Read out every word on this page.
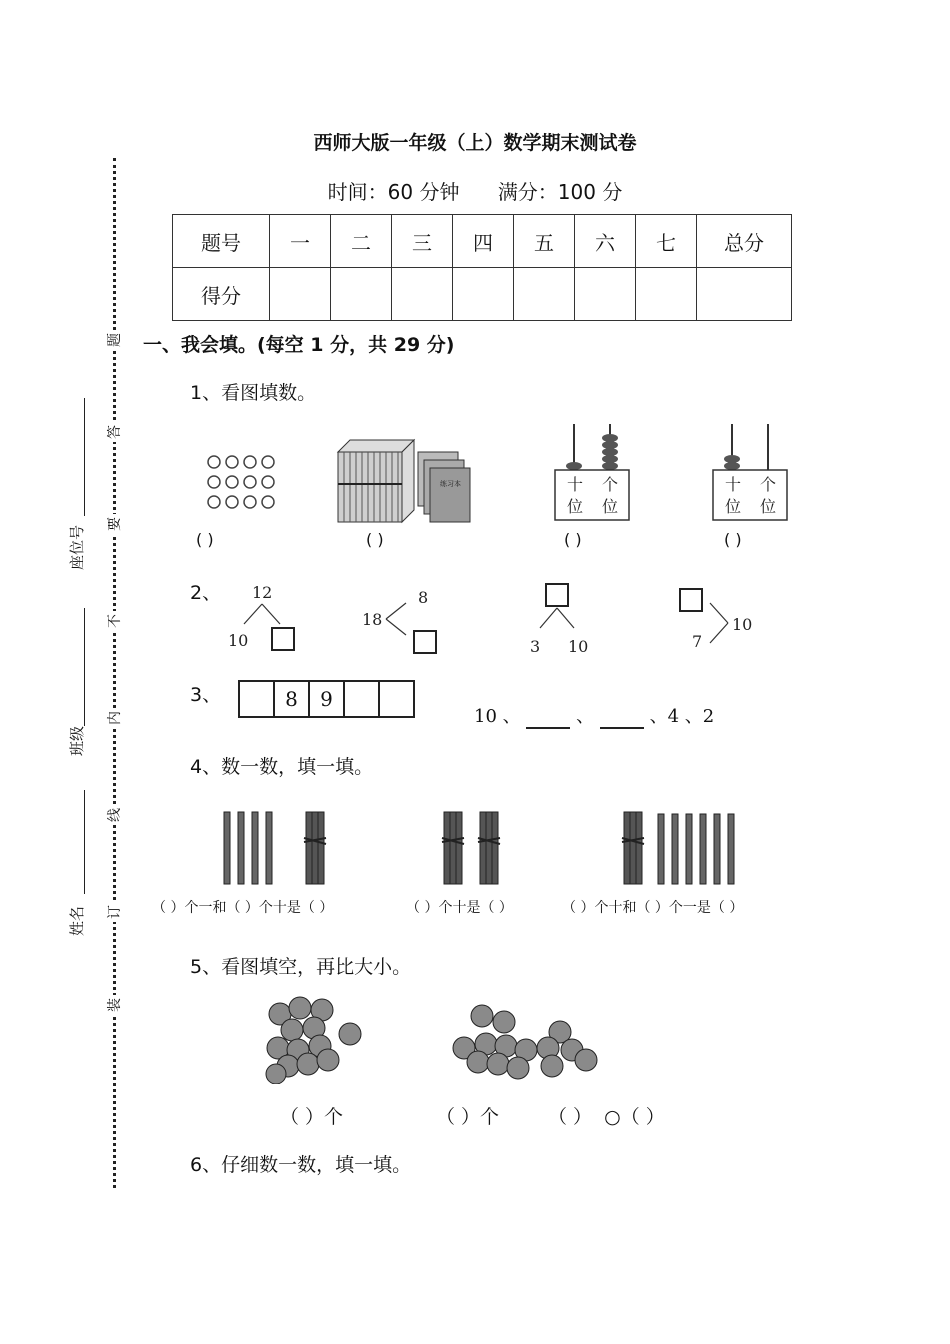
题
答
要
不
内
线
订
装
座位号
班级
姓名
西师大版一年级（上）数学期末测试卷
时间：60 分钟 满分：100 分
题号	一	二	三	四	五	六	七	总分
得分								
一、我会填。(每空 1 分，共 29 分)
1、看图填数。
练习本	十
位
个
位
十
位
个
位
( )	( )	( )	( )
2、 12
10
18
8
3 10
10
7
3、	8	9
10 、	、	、4 、2
4、数一数，填一填。
（ ）个一和（ ）个十是（ ）	（ ）个十是（ ）	（ ）个十和（ ）个一是（ ）
5、看图填空，再比大小。
（ ）个	（ ）个	（ ）  ○（ ）
6、仔细数一数，填一填。
